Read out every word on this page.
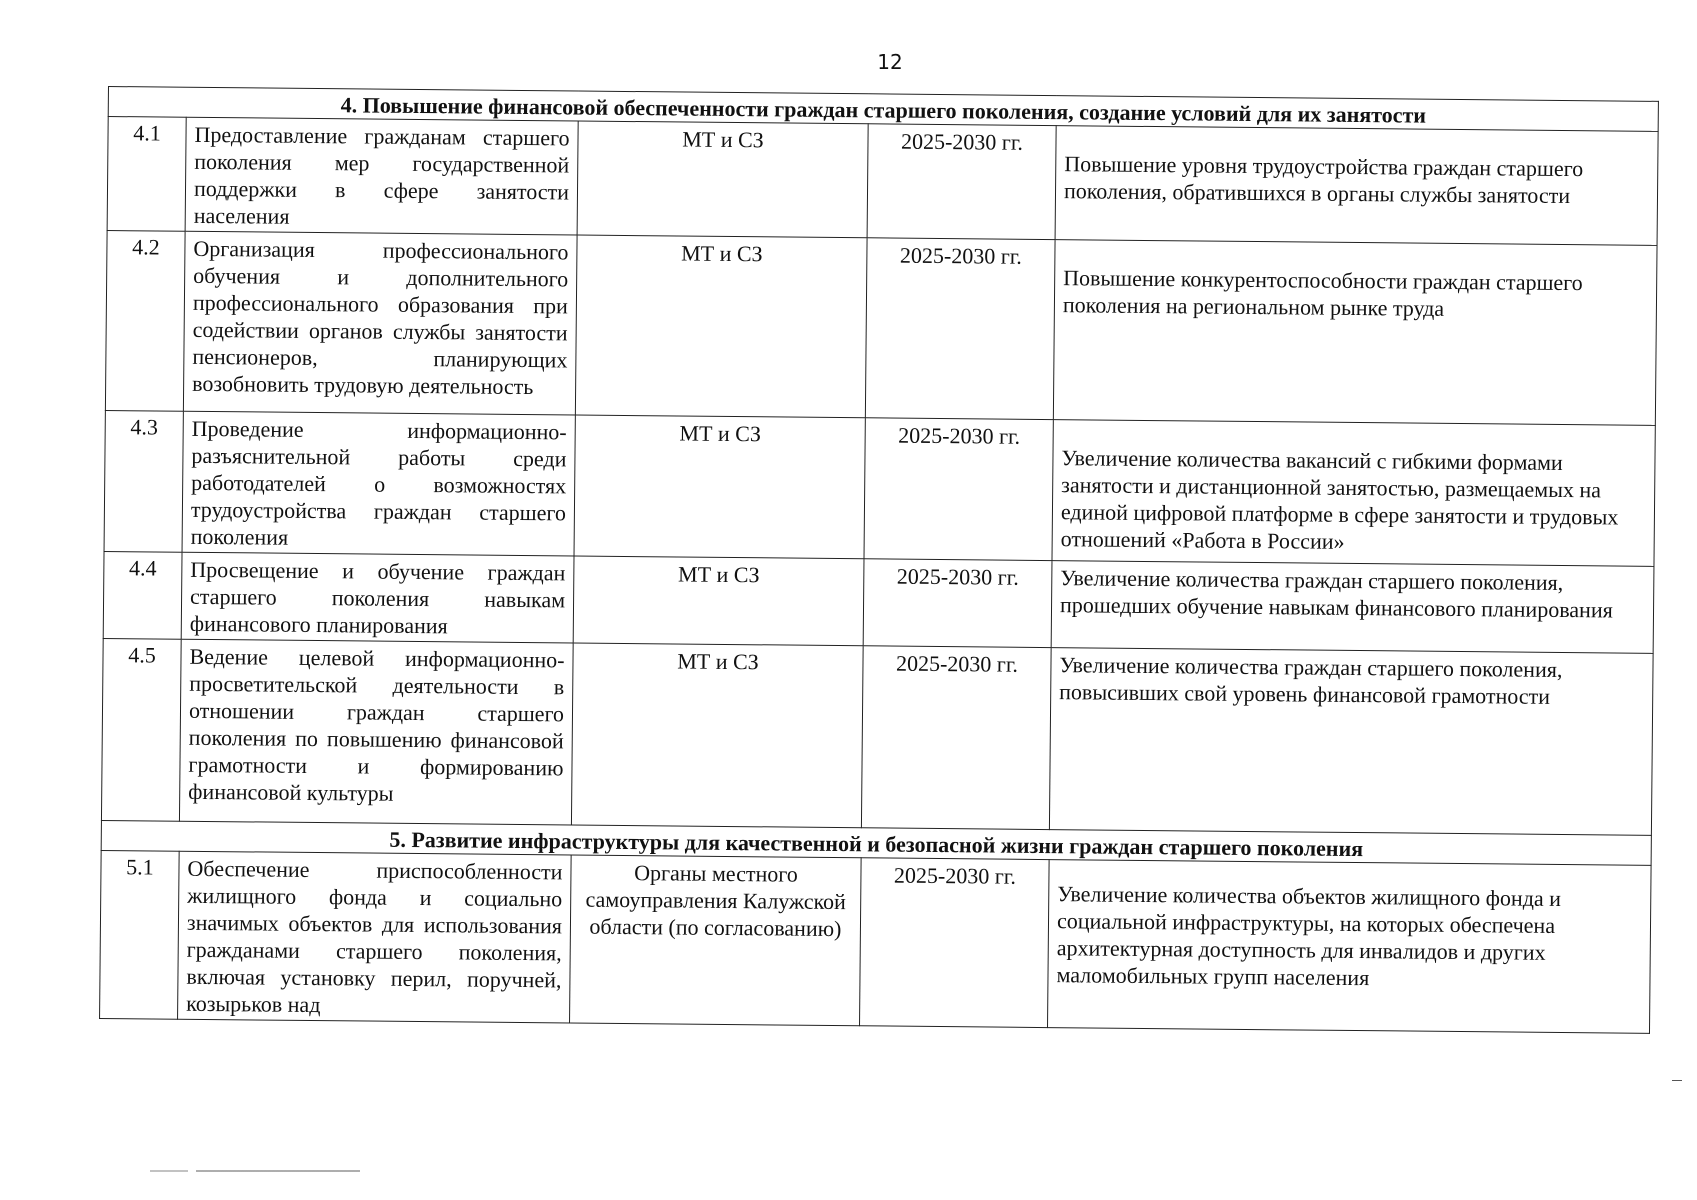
12
4. Повышение финансовой обеспеченности граждан старшего поколения, создание условий для их занятости				
4.1	Предоставление гражданам старшего поколения мер государственной поддержки в сфере занятости населения	МТ и СЗ	2025-2030 гг.	Повышение уровня трудоустройства граждан старшего поколения, обратившихся в органы службы занятости
4.2	Организация профессионального обучения и дополнительного профессионального образования при содействии органов службы занятости пенсионеров, планирующих возобновить трудовую деятельность	МТ и СЗ	2025-2030 гг.	Повышение конкурентоспособности граждан старшего поколения на региональном рынке труда
4.3	Проведение информационно-разъяснительной работы среди работодателей о возможностях трудоустройства граждан старшего поколения	МТ и СЗ	2025-2030 гг.	Увеличение количества вакансий с гибкими формами занятости и дистанционной занятостью, размещаемых на единой цифровой платформе в сфере занятости и трудовых отношений «Работа в России»
4.4	Просвещение и обучение граждан старшего поколения навыкам финансового планирования	МТ и СЗ	2025-2030 гг.	Увеличение количества граждан старшего поколения, прошедших обучение навыкам финансового планирования
4.5	Ведение целевой информационно-просветительской деятельности в отношении граждан старшего поколения по повышению финансовой грамотности и формированию финансовой культуры	МТ и СЗ	2025-2030 гг.	Увеличение количества граждан старшего поколения, повысивших свой уровень финансовой грамотности
5. Развитие инфраструктуры для качественной и безопасной жизни граждан старшего поколения				
5.1	Обеспечение приспособленности жилищного фонда и социально значимых объектов для использования гражданами старшего поколения, включая установку перил, поручней, козырьков над	Органы местного самоуправления Калужской области (по согласованию)	2025-2030 гг.	Увеличение количества объектов жилищного фонда и социальной инфраструктуры, на которых обеспечена архитектурная доступность для инвалидов и других маломобильных групп населения
